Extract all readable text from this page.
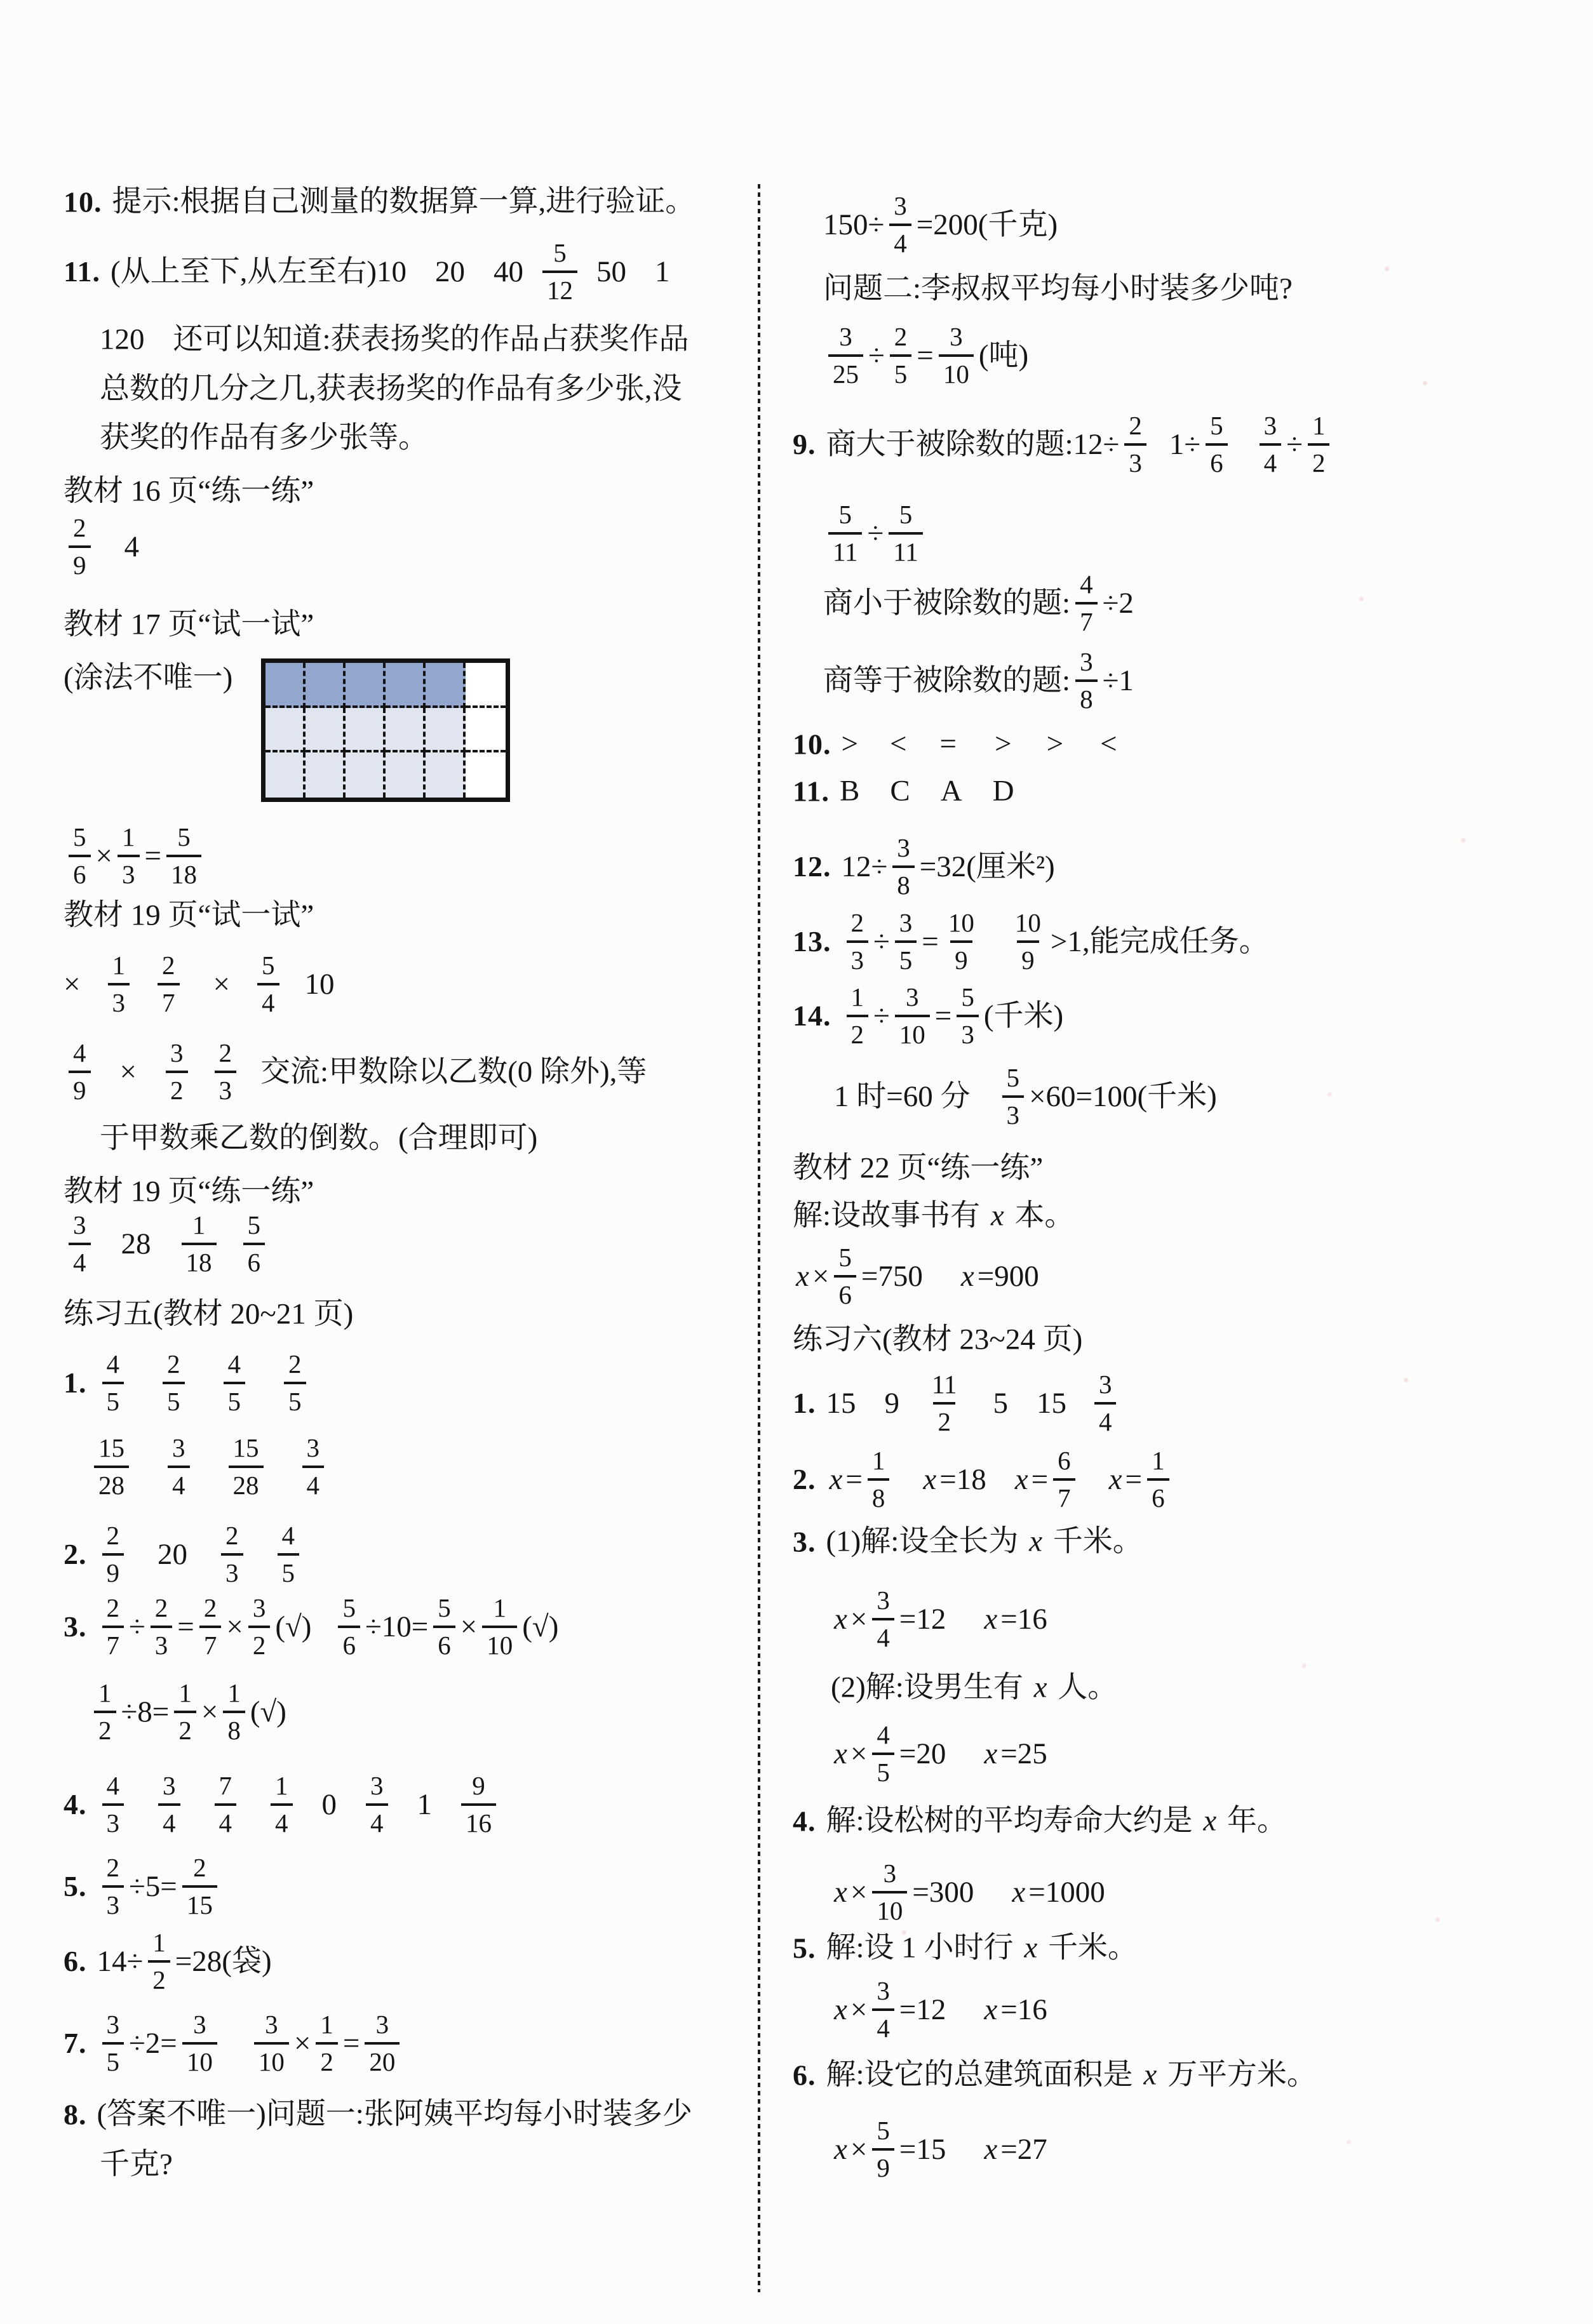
10. 提示:根据自己测量的数据算一算,进行验证。
11. (从上至下,从左至右)10 20 $40 \frac{5}{12} 50$ 1
120 还可以知道:获表扬奖的作品占获奖作品
总数的几分之几,获表扬奖的作品有多少张,没
获奖的作品有多少张等。
教材 16 页“练一练”
$\frac{2}{9} 4$
教材 17 页“试一试”
(涂法不唯一)
$\frac{5}{6} \times \frac{1}{3} = \frac{5}{18}$
教材 19 页“试一试”
× $\frac{1}{3} \frac{2}{7} \times \frac{5}{4} 10$
$\frac{4}{9} \times \frac{3}{2} \frac{2}{3}$ 交流:甲数除以乙数(0 除外),等
于甲数乘乙数的倒数。(合理即可)
教材 19 页“练一练”
$\frac{3}{4} 28 \frac{1}{18} \frac{5}{6}$
练习五(教材 20~21 页)
1. $\frac{4}{5} \frac{2}{5} \frac{4}{5} \frac{2}{5}$
$\frac{15}{28} \frac{3}{4} \frac{15}{28} \frac{3}{4}$
2. $\frac{2}{9} 20 \frac{2}{3} \frac{4}{5}$
3. $\frac{2}{7} \div \frac{2}{3} = \frac{2}{7} \times \frac{3}{2}$ (√) $\frac{5}{6} \div 10= \frac{5}{6} \times \frac{1}{10}$ (√)
$\frac{1}{2} \div 8= \frac{1}{2} \times \frac{1}{8}$ (√)
4. $\frac{4}{3} \frac{3}{4} \frac{7}{4} \frac{1}{4} 0 \frac{3}{4} 1 \frac{9}{16}$
5. $\frac{2}{3} \div 5= \frac{2}{15}$
6. $14\div \frac{1}{2} =28$(袋)
7. $\frac{3}{5} \div 2= \frac{3}{10} \frac{3}{10} \times \frac{1}{2} = \frac{3}{20}$
8. (答案不唯一)问题一:张阿姨平均每小时装多少
千克?
$150\div \frac{3}{4} =200$(千克)
问题二:李叔叔平均每小时装多少吨?
$\frac{3}{25} \div \frac{2}{5} = \frac{3}{10}$ (吨)
9. 商大于被除数的题:12÷ $\frac{2}{3} 1\div \frac{5}{6} \frac{3}{4} \div \frac{1}{2}$
$\frac{5}{11} \div \frac{5}{11}$
商小于被除数的题: $\frac{4}{7} \div 2$
商等于被除数的题: $\frac{3}{8} \div 1$
10. > < = > > <
11. B C A D
12. $12\div \frac{3}{8} =32$(厘米²)
13. $\frac{2}{3} \div \frac{3}{5} = \frac{10}{9} \frac{10}{9} >1$,能完成任务。
14. $\frac{1}{2} \div \frac{3}{10} = \frac{5}{3}$ (千米)
1 时=60 分 $\frac{5}{3} \times 60=100$(千米)
教材 22 页“练一练”
解:设故事书有 x 本。
$x \times \frac{5}{6} =750$ x =900
练习六(教材 23~24 页)
1. 15 $9 \frac{11}{2} 5$ $15 \frac{3}{4}$
2. $x = \frac{1}{8}$ x =18 $x = \frac{6}{7}$ $x = \frac{1}{6}$
3. (1)解:设全长为 x 千米。
$x \times \frac{3}{4} =12$ x =16
(2)解:设男生有 x 人。
$x \times \frac{4}{5} =20$ x =25
4. 解:设松树的平均寿命大约是 x 年。
$x \times \frac{3}{10} =300$ x =1000
5. 解:设 1 小时行 x 千米。
$x \times \frac{3}{4} =12$ x =16
6. 解:设它的总建筑面积是 x 万平方米。
$x \times \frac{5}{9} =15$ x =27
